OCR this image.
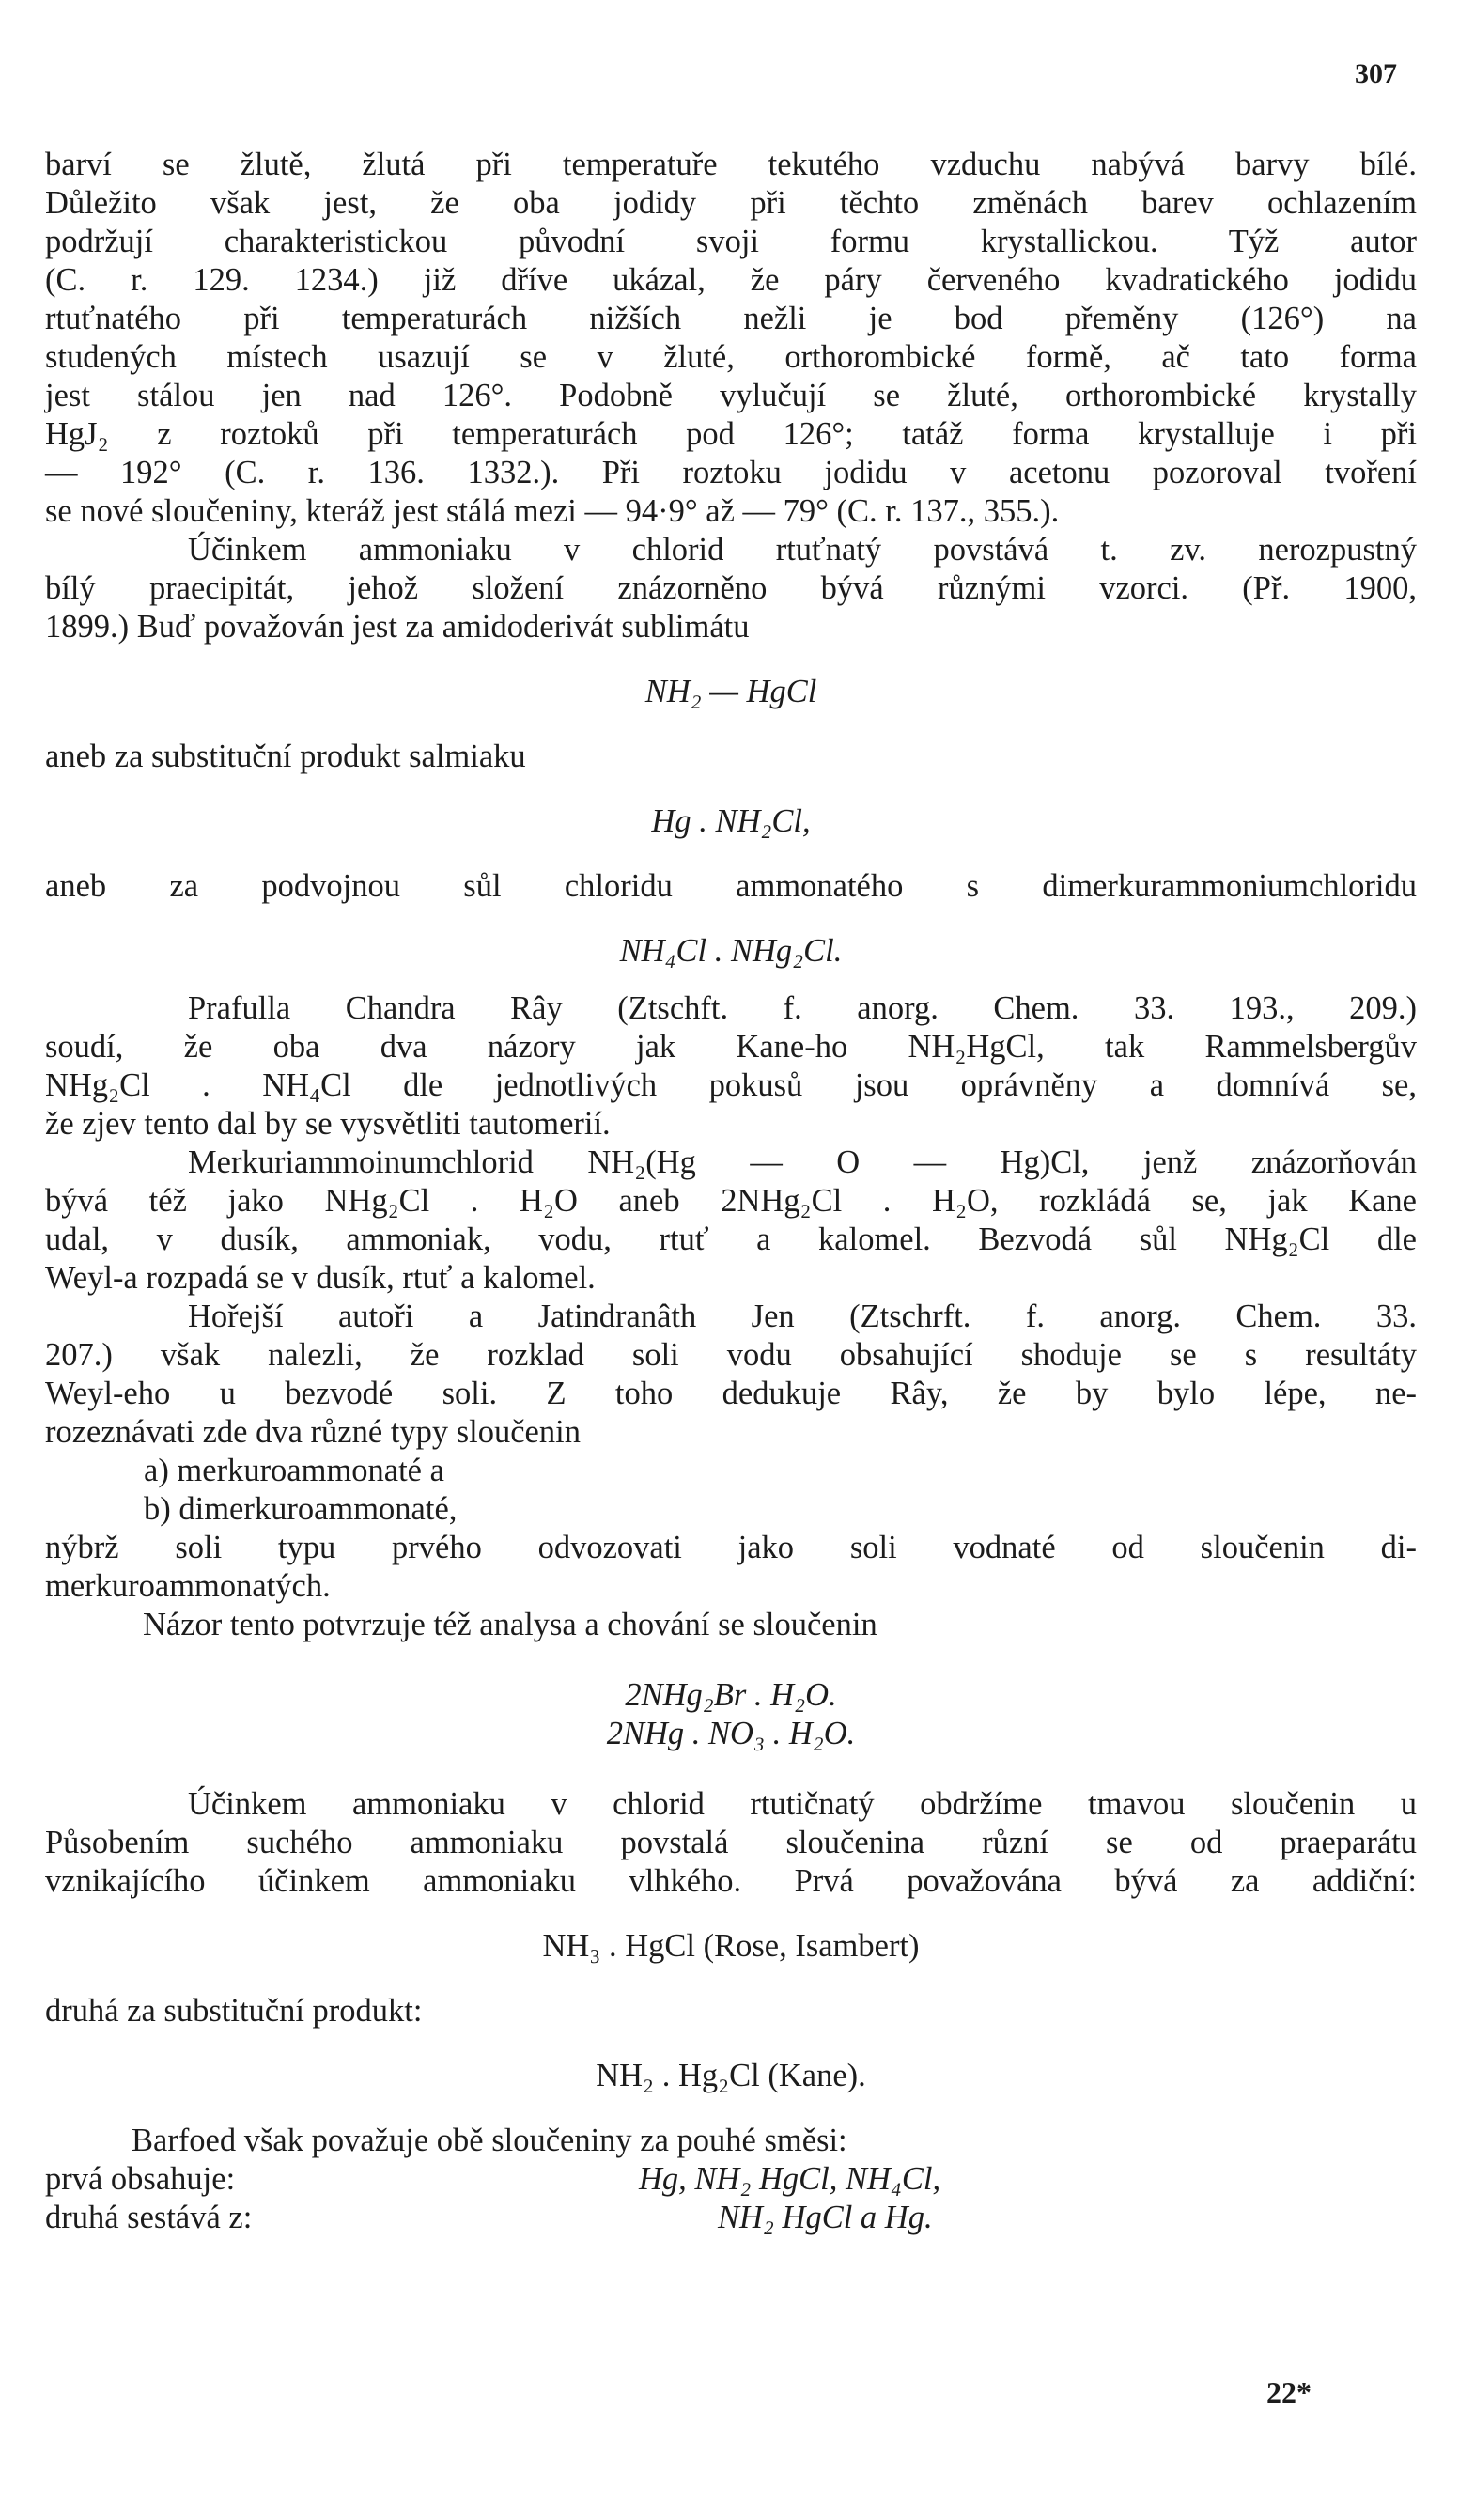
307
barví se žlutě, žlutá při temperatuře tekutého vzduchu nabývá barvy bílé.
Důležito však jest, že oba jodidy při těchto změnách barev ochlazením
podržují charakteristickou původní svoji formu krystallickou. Týž autor
(C. r. 129. 1234.) již dříve ukázal, že páry červeného kvadratického jodidu
rtuťnatého při temperaturách nižších nežli je bod přeměny (126°) na
studených místech usazují se v žluté, orthorombické formě, ač tato forma
jest stálou jen nad 126°. Podobně vylučují se žluté, orthorombické krystally
HgJ₂ z roztoků při temperaturách pod 126°; tatáž forma krystalluje i při
— 192° (C. r. 136. 1332.). Při roztoku jodidu v acetonu pozoroval tvoření
se nové sloučeniny, kteráž jest stálá mezi — 94·9° až — 79° (C. r. 137., 355.).
Účinkem ammoniaku v chlorid rtuťnatý povstává t. zv. nerozpustný
bílý praecipitát, jehož složení znázorněno bývá různými vzorci. (Př. 1900,
1899.) Buď považován jest za amidoderivát sublimátu
NH₂ — HgCl
aneb za substituční produkt salmiaku
Hg . NH₂Cl,
aneb za podvojnou sůl chloridu ammonatého s dimerkurammoniumchloridu
NH₄Cl . NHg₂Cl.
Prafulla Chandra Rây (Ztschft. f. anorg. Chem. 33. 193., 209.)
soudí, že oba dva názory jak Kane-ho NH₂HgCl, tak Rammelsbergův
NHg₂Cl . NH₄Cl dle jednotlivých pokusů jsou oprávněny a domnívá se,
že zjev tento dal by se vysvětliti tautomerií.
Merkuriammoinumchlorid NH₂(Hg — O — Hg)Cl, jenž znázorňován
bývá též jako NHg₂Cl . H₂O aneb 2NHg₂Cl . H₂O, rozkládá se, jak Kane
udal, v dusík, ammoniak, vodu, rtuť a kalomel. Bezvodá sůl NHg₂Cl dle
Weyl-a rozpadá se v dusík, rtuť a kalomel.
Hořejší autoři a Jatindranâth Jen (Ztschrft. f. anorg. Chem. 33.
207.) však nalezli, že rozklad soli vodu obsahující shoduje se s resultáty
Weyl-eho u bezvodé soli. Z toho dedukuje Rây, že by bylo lépe, ne-
rozeznávati zde dva různé typy sloučenin
a) merkuroammonaté a
b) dimerkuroammonaté,
nýbrž soli typu prvého odvozovati jako soli vodnaté od sloučenin di-
merkuroammonatých.
Názor tento potvrzuje též analysa a chování se sloučenin
2NHg₂Br . H₂O.
2NHg . NO₃ . H₂O.
Účinkem ammoniaku v chlorid rtutičnatý obdržíme tmavou sloučenin u
Působením suchého ammoniaku povstalá sloučenina různí se od praeparátu
vznikajícího účinkem ammoniaku vlhkého. Prvá považována bývá za addiční:
NH₃ . HgCl (Rose, Isambert)
druhá za substituční produkt:
NH₂ . Hg₂Cl (Kane).
Barfoed však považuje obě sloučeniny za pouhé směsi:
prvá obsahuje:	Hg, NH₂ HgCl, NH₄Cl,
druhá sestává z:	NH₂ HgCl a Hg.
22*
